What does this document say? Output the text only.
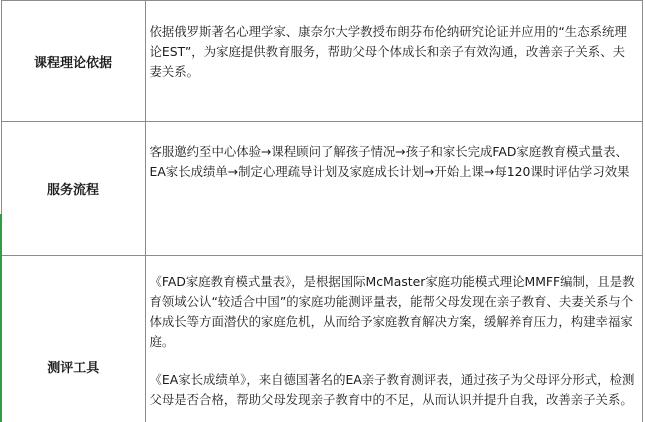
课程理论依据	依据俄罗斯著名心理学家、康奈尔大学教授布朗芬布伦纳研究论证并应用的“生态系统理论EST”，为家庭提供教育服务，帮助父母个体成长和亲子有效沟通，改善亲子关系、夫妻关系。

服务流程	客服邀约至中心体验→课程顾问了解孩子情况→孩子和家长完成FAD家庭教育模式量表、EA家长成绩单→制定心理疏导计划及家庭成长计划→开始上课→每120课时评估学习效果

测评工具	《FAD家庭教育模式量表》，是根据国际McMaster家庭功能模式理论MMFF编制，且是教育领域公认“较适合中国”的家庭功能测评量表，能帮父母发现在亲子教育、夫妻关系与个体成长等方面潜伏的家庭危机，从而给予家庭教育解决方案，缓解养育压力，构建幸福家庭。

《EA家长成绩单》，来自德国著名的EA亲子教育测评表，通过孩子为父母评分形式，检测父母是否合格，帮助父母发现亲子教育中的不足，从而认识并提升自我，改善亲子关系。
